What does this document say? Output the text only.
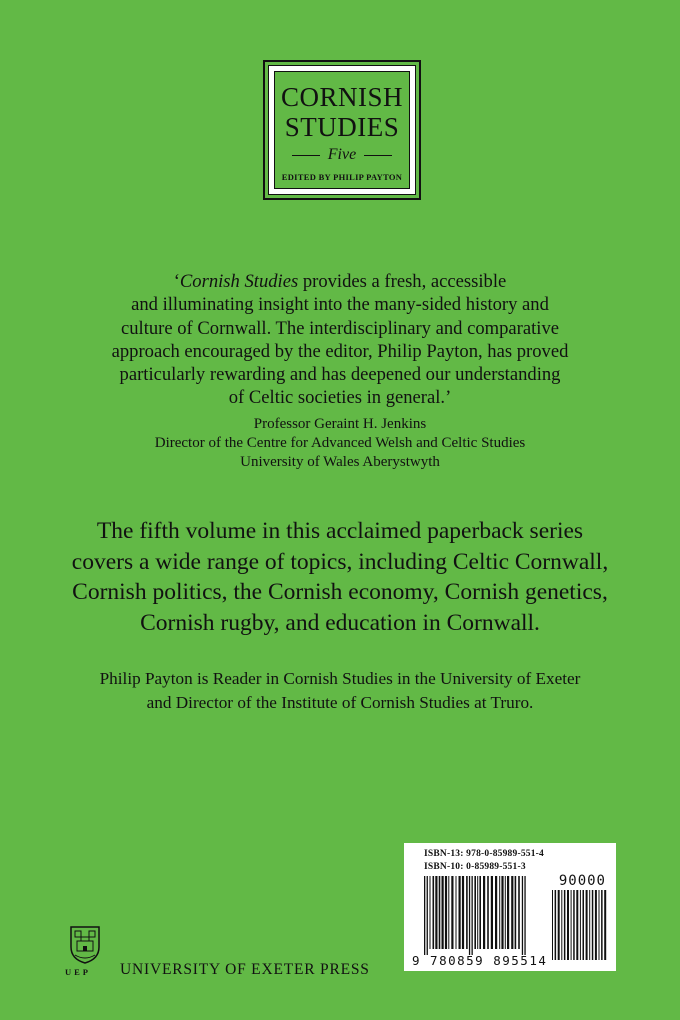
CORNISH
STUDIES
Five
EDITED BY PHILIP PAYTON

‘Cornish Studies provides a fresh, accessible

and illuminating insight into the many-sided history and

culture of Cornwall. The interdisciplinary and comparative

approach encouraged by the editor, Philip Payton, has proved

particularly rewarding and has deepened our understanding

of Celtic societies in general.’

Professor Geraint H. Jenkins
Director of the Centre for Advanced Welsh and Celtic Studies
University of Wales Aberystwyth
The fifth volume in this acclaimed paperback series
covers a wide range of topics, including Celtic Cornwall,
Cornish politics, the Cornish economy, Cornish genetics,
Cornish rugby, and education in Cornwall.
Philip Payton is Reader in Cornish Studies in the University of Exeter
and Director of the Institute of Cornish Studies at Truro.
ISBN-13: 978-0-85989-551-4
ISBN-10: 0-85989-551-3
90000
9 780859 895514
UEP UNIVERSITY OF EXETER PRESS
